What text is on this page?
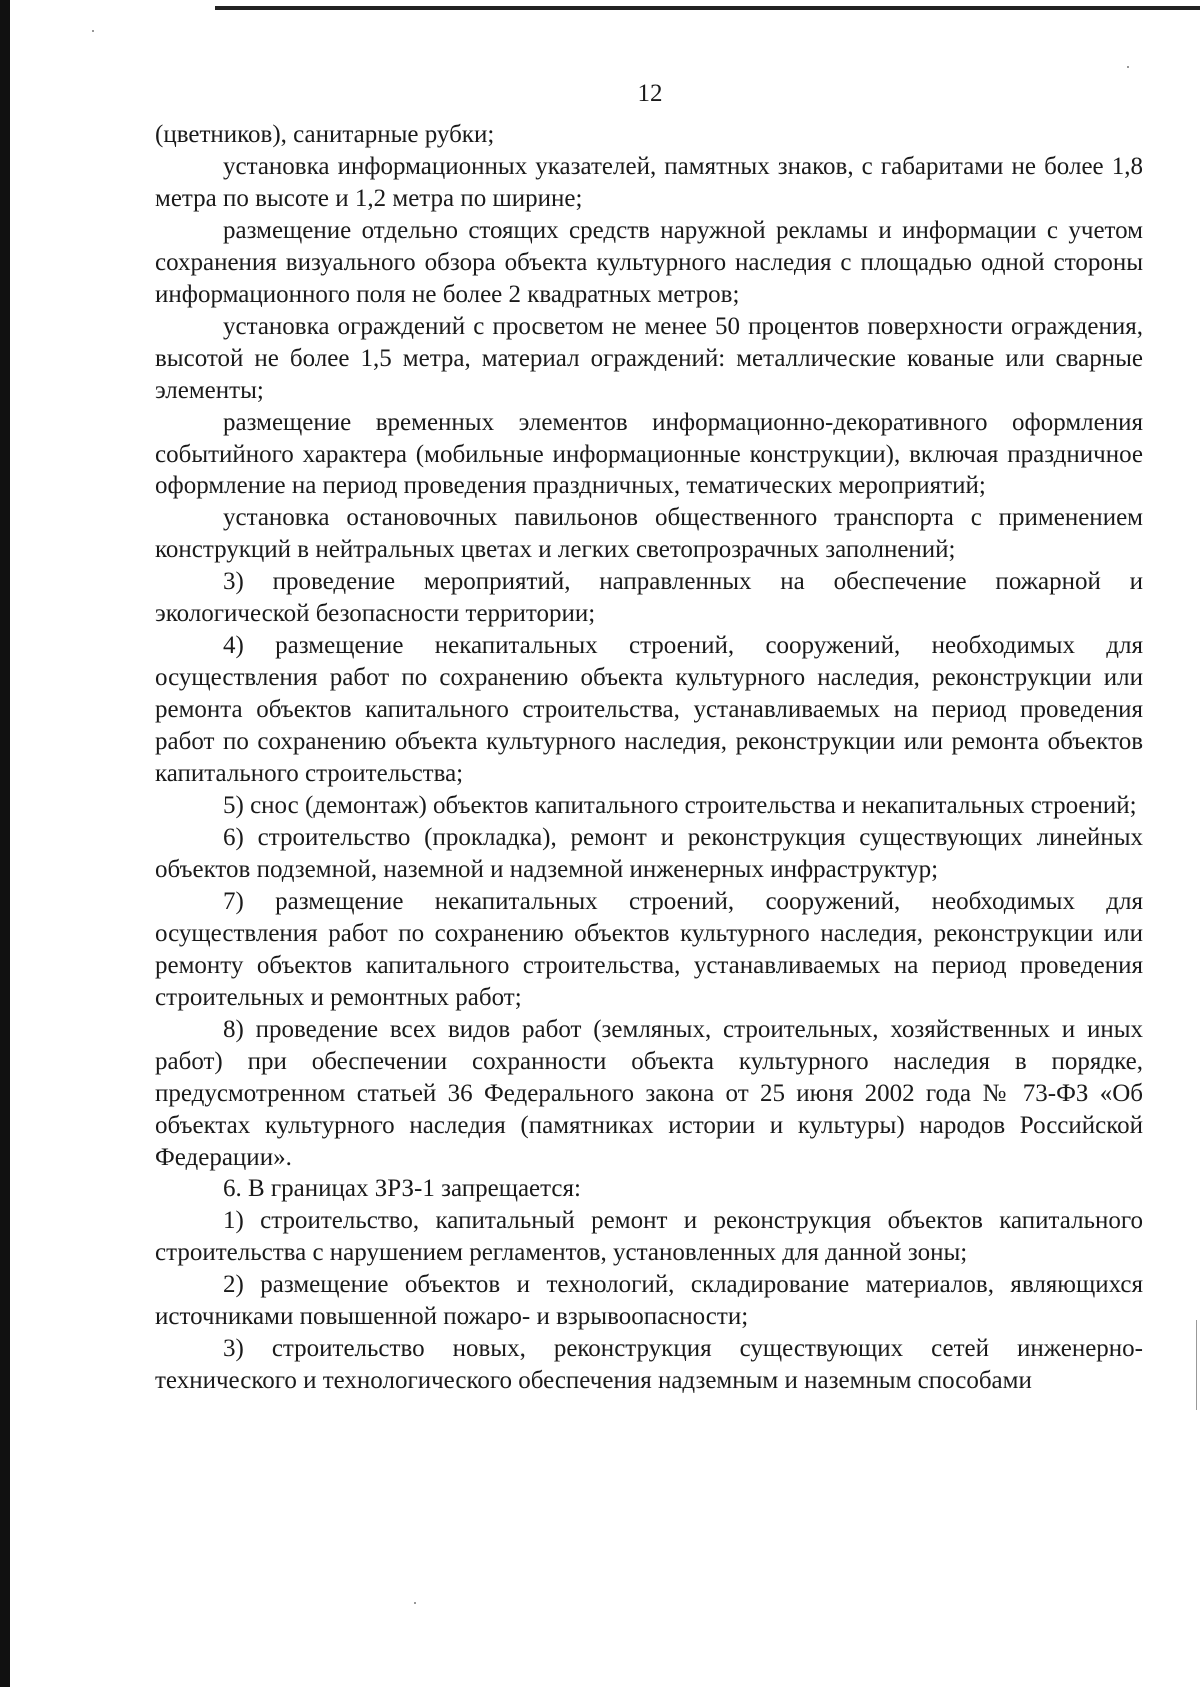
12

(цветников), санитарные рубки;

установка информационных указателей, памятных знаков, с габаритами не более 1,8 метра по высоте и 1,2 метра по ширине;

размещение отдельно стоящих средств наружной рекламы и информации с учетом сохранения визуального обзора объекта культурного наследия с площадью одной стороны информационного поля не более 2 квадратных метров;

установка ограждений с просветом не менее 50 процентов поверхности ограждения, высотой не более 1,5 метра, материал ограждений: металлические кованые или сварные элементы;

размещение временных элементов информационно-декоративного оформления событийного характера (мобильные информационные конструкции), включая праздничное оформление на период проведения праздничных, тематических мероприятий;

установка остановочных павильонов общественного транспорта с применением конструкций в нейтральных цветах и легких светопрозрачных заполнений;

3) проведение мероприятий, направленных на обеспечение пожарной и экологической безопасности территории;

4) размещение некапитальных строений, сооружений, необходимых для осуществления работ по сохранению объекта культурного наследия, реконструкции или ремонта объектов капитального строительства, устанавливаемых на период проведения работ по сохранению объекта культурного наследия, реконструкции или ремонта объектов капитального строительства;

5) снос (демонтаж) объектов капитального строительства и некапитальных строений;

6) строительство (прокладка), ремонт и реконструкция существующих линейных объектов подземной, наземной и надземной инженерных инфраструктур;

7) размещение некапитальных строений, сооружений, необходимых для осуществления работ по сохранению объектов культурного наследия, реконструкции или ремонту объектов капитального строительства, устанавливаемых на период проведения строительных и ремонтных работ;

8) проведение всех видов работ (земляных, строительных, хозяйственных и иных работ) при обеспечении сохранности объекта культурного наследия в порядке, предусмотренном статьей 36 Федерального закона от 25 июня 2002 года № 73-ФЗ «Об объектах культурного наследия (памятниках истории и культуры) народов Российской Федерации».

6. В границах ЗРЗ-1 запрещается:

1) строительство, капитальный ремонт и реконструкция объектов капитального строительства с нарушением регламентов, установленных для данной зоны;

2) размещение объектов и технологий, складирование материалов, являющихся источниками повышенной пожаро- и взрывоопасности;

3) строительство новых, реконструкция существующих сетей инженерно-технического и технологического обеспечения надземным и наземным способами
